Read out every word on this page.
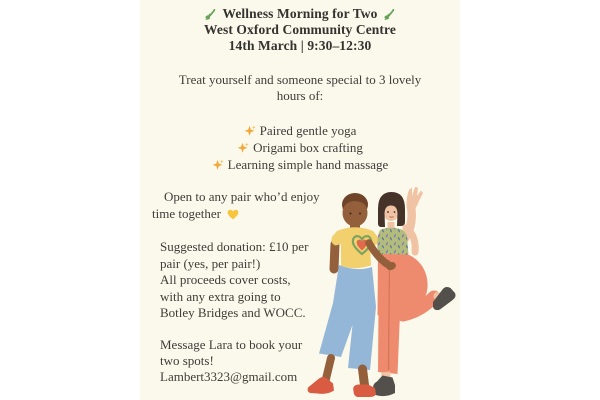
Wellness Morning for Two
West Oxford Community Centre
14th March | 9:30–12:30
Treat yourself and someone special to 3 lovely
hours of:
Paired gentle yoga
Origami box crafting
Learning simple hand massage
Open to any pair who’d enjoy
time together
Suggested donation: £10 per
pair (yes, per pair!)
All proceeds cover costs,
with any extra going to
Botley Bridges and WOCC.
Message Lara to book your
two spots!
Lambert3323@gmail.com
